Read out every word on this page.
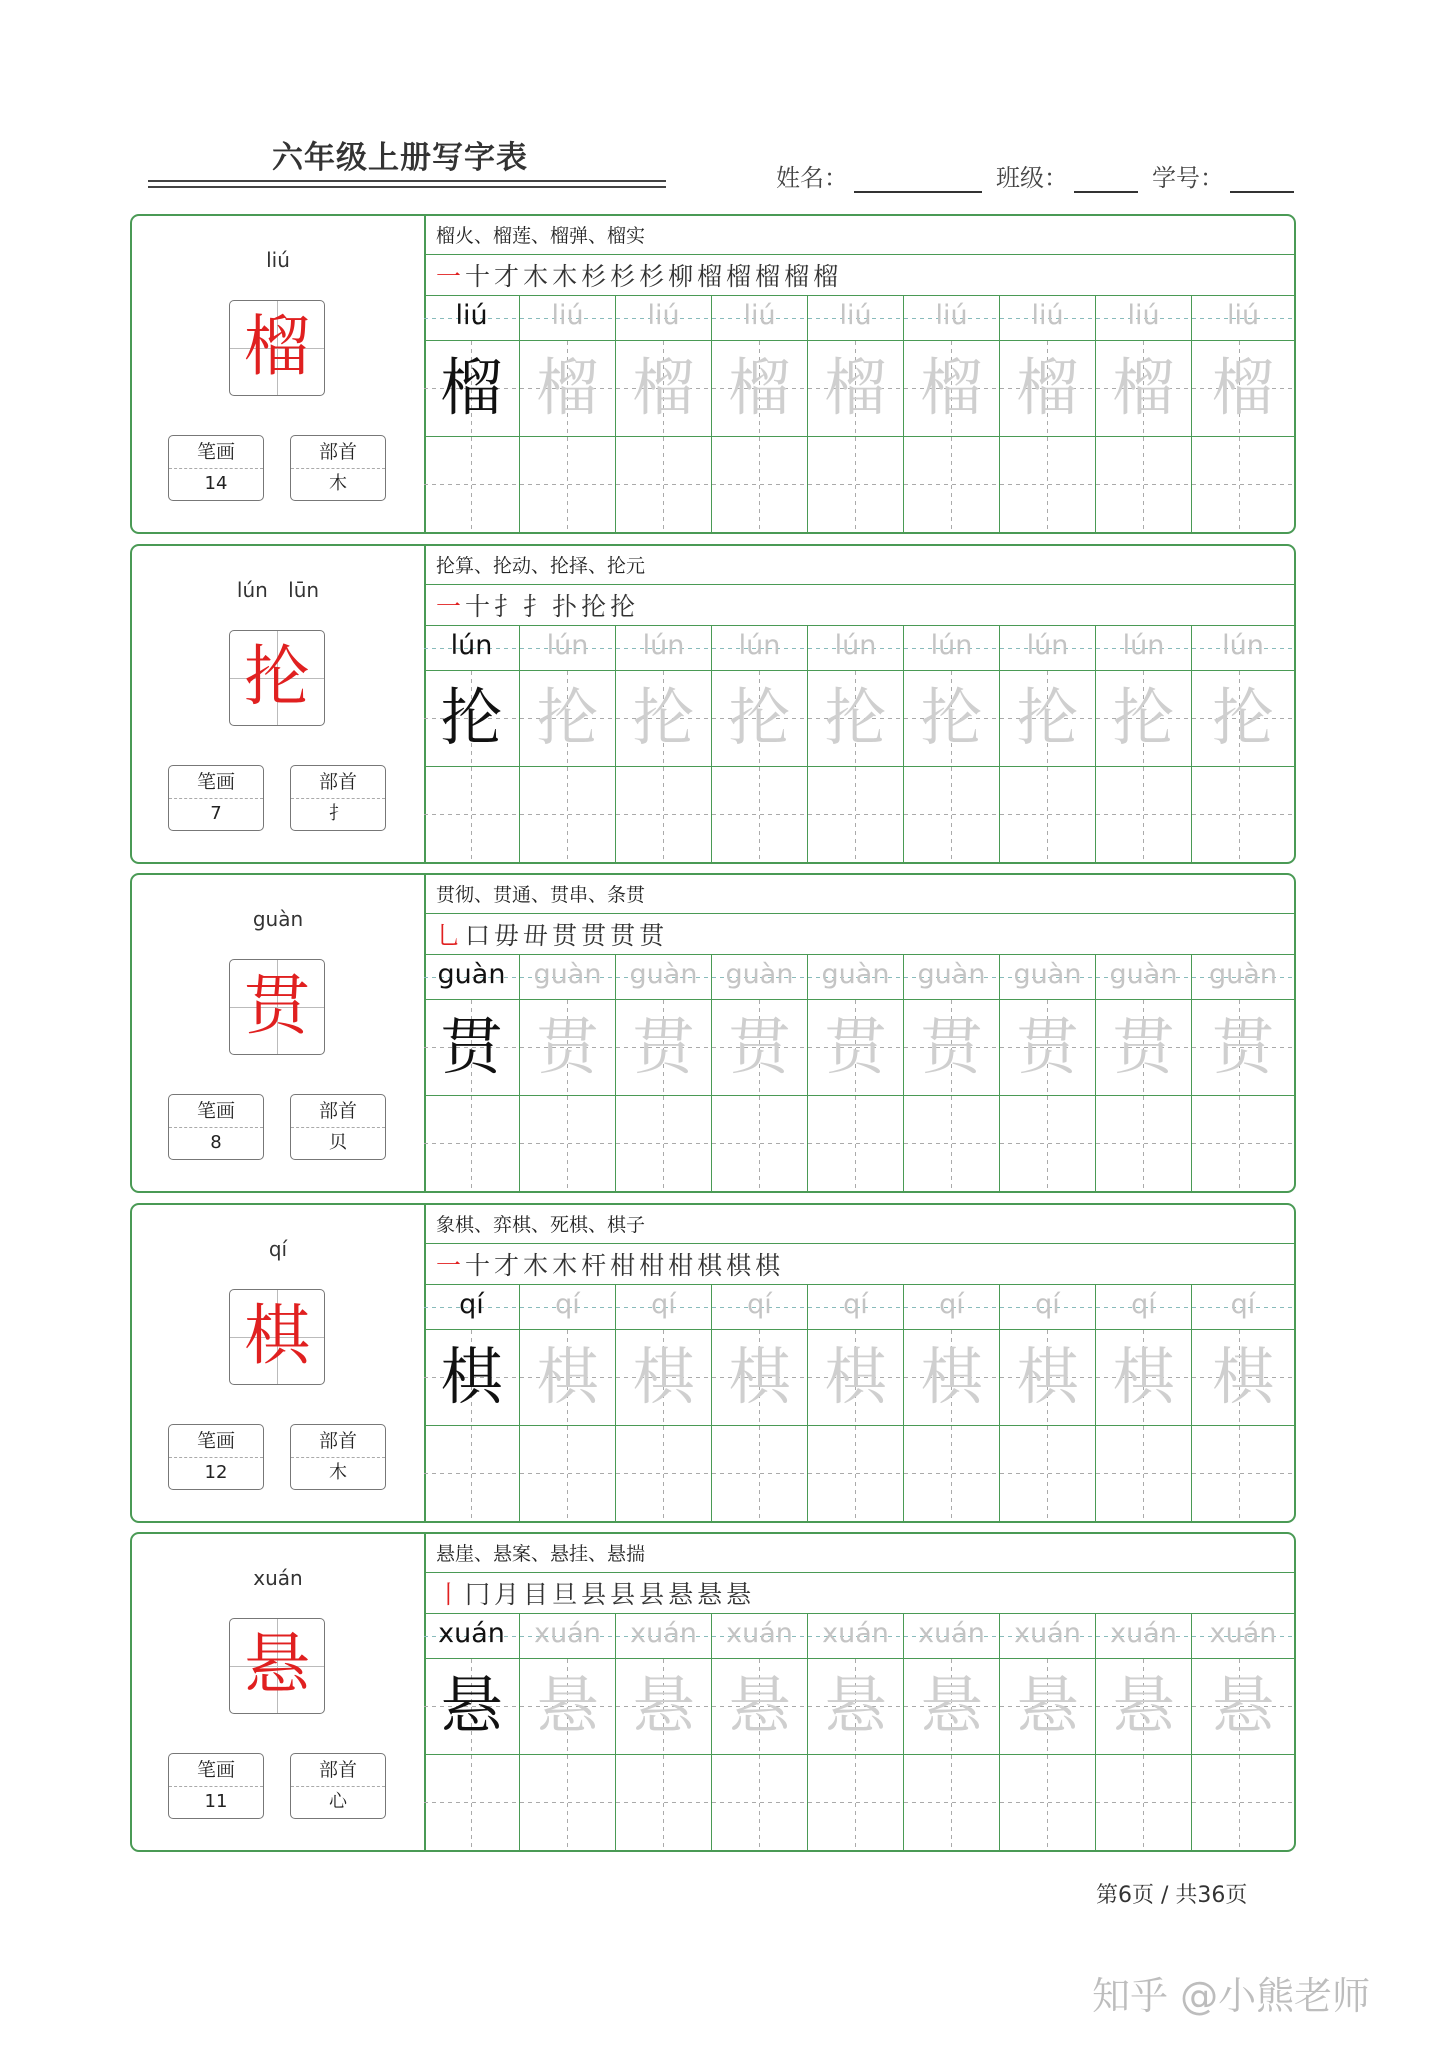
六年级上册写字表
姓名：	班级：	学号：
liú
榴
笔画
14
部首
木
榴火、榴莲、榴弹、榴实
一 十 才 木 木 杉 杉 杉 柳 榴 榴 榴 榴 榴
liú	liú	liú	liú	liú	liú	liú	liú	liú
榴 榴 榴 榴 榴 榴 榴 榴 榴
lún lūn
抡
笔画
7
部首
扌
抡算、抡动、抡择、抡元
一 十 扌 扌 扑 抡 抡
lún	lún	lún	lún	lún	lún	lún	lún	lún
抡 抡 抡 抡 抡 抡 抡 抡 抡
guàn
贯
笔画
8
部首
贝
贯彻、贯通、贯串、条贯
乚 口 毋 毌 贯 贯 贯 贯
guàn	guàn	guàn	guàn	guàn	guàn	guàn	guàn	guàn
贯 贯 贯 贯 贯 贯 贯 贯 贯
qí
棋
笔画
12
部首
木
象棋、弈棋、死棋、棋子
一 十 才 木 木 杆 柑 柑 柑 棋 棋 棋
qí	qí	qí	qí	qí	qí	qí	qí	qí
棋 棋 棋 棋 棋 棋 棋 棋 棋
xuán
悬
笔画
11
部首
心
悬崖、悬案、悬挂、悬揣
丨 冂 月 目 旦 县 县 县 悬 悬 悬
xuán	xuán	xuán	xuán	xuán	xuán	xuán	xuán	xuán
悬 悬 悬 悬 悬 悬 悬 悬 悬
第6页 / 共36页
知乎 @小熊老师
